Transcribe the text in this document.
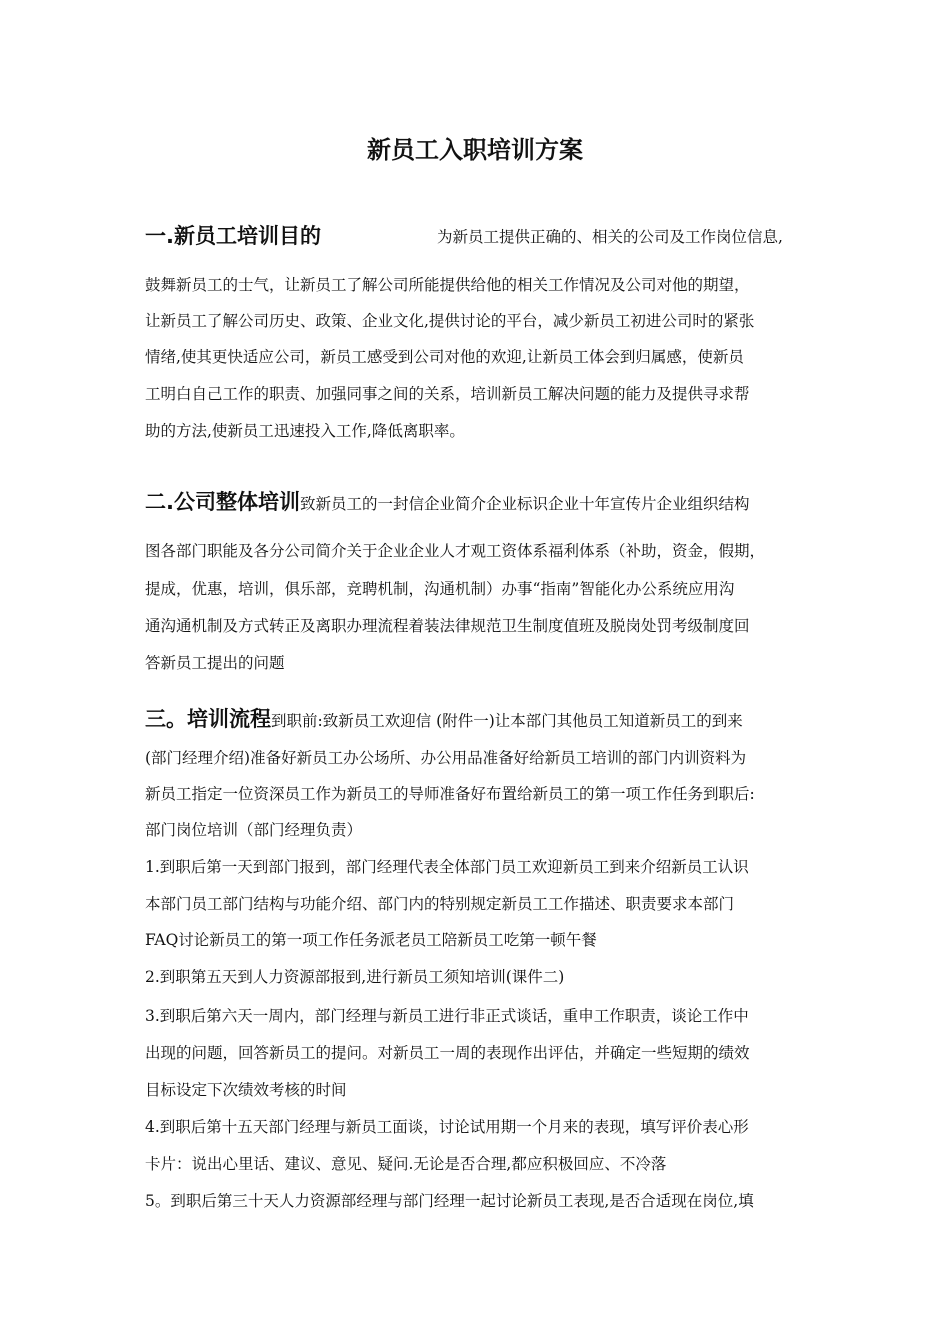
新员工入职培训方案
一.新员工培训目的	为新员工提供正确的、相关的公司及工作岗位信息,
鼓舞新员工的士气，让新员工了解公司所能提供给他的相关工作情况及公司对他的期望，
让新员工了解公司历史、政策、企业文化,提供讨论的平台，减少新员工初进公司时的紧张
情绪,使其更快适应公司，新员工感受到公司对他的欢迎,让新员工体会到归属感，使新员
工明白自己工作的职责、加强同事之间的关系，培训新员工解决问题的能力及提供寻求帮
助的方法,使新员工迅速投入工作,降低离职率。
二.公司整体培训致新员工的一封信企业简介企业标识企业十年宣传片企业组织结构
图各部门职能及各分公司简介关于企业企业人才观工资体系福利体系（补助，资金，假期，
提成，优惠，培训，俱乐部，竞聘机制，沟通机制）办事“指南”智能化办公系统应用沟
通沟通机制及方式转正及离职办理流程着装法律规范卫生制度值班及脱岗处罚考级制度回
答新员工提出的问题
三。培训流程到职前:致新员工欢迎信 (附件一)让本部门其他员工知道新员工的到来
(部门经理介绍)准备好新员工办公场所、办公用品准备好给新员工培训的部门内训资料为
新员工指定一位资深员工作为新员工的导师准备好布置给新员工的第一项工作任务到职后:
部门岗位培训（部门经理负责）
1.到职后第一天到部门报到，部门经理代表全体部门员工欢迎新员工到来介绍新员工认识
本部门员工部门结构与功能介绍、部门内的特别规定新员工工作描述、职责要求本部门
FAQ讨论新员工的第一项工作任务派老员工陪新员工吃第一顿午餐
2.到职第五天到人力资源部报到,进行新员工须知培训(课件二)
3.到职后第六天一周内，部门经理与新员工进行非正式谈话，重申工作职责，谈论工作中
出现的问题，回答新员工的提问。对新员工一周的表现作出评估，并确定一些短期的绩效
目标设定下次绩效考核的时间
4.到职后第十五天部门经理与新员工面谈，讨论试用期一个月来的表现，填写评价表心形
卡片：说出心里话、建议、意见、疑问.无论是否合理,都应积极回应、不冷落
5。到职后第三十天人力资源部经理与部门经理一起讨论新员工表现,是否合适现在岗位,填
